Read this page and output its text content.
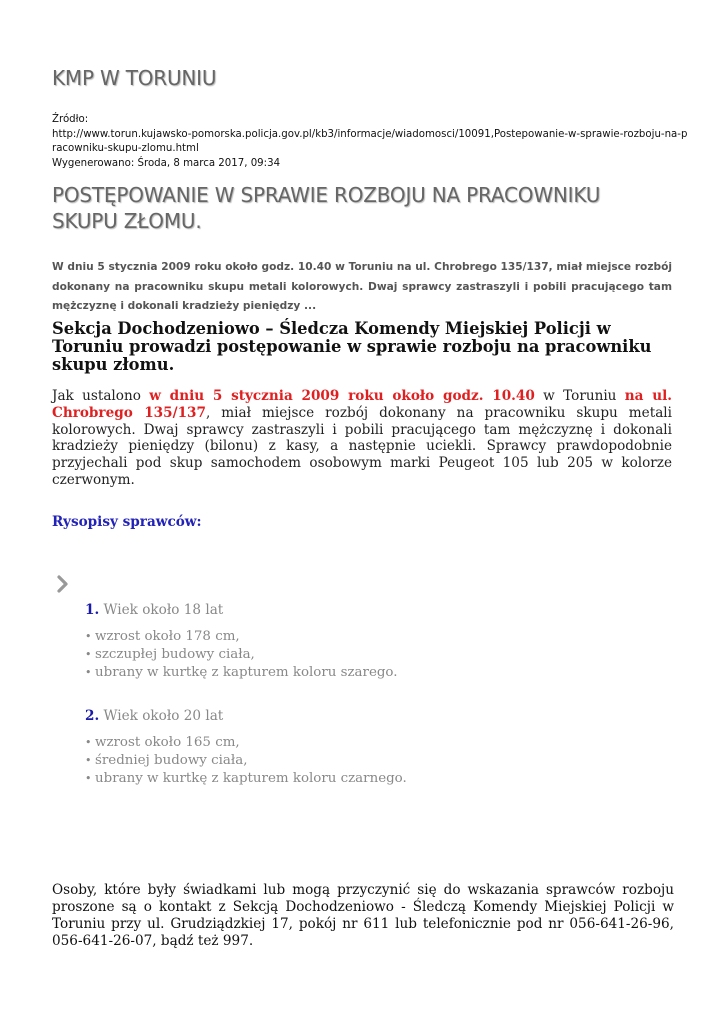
KMP W TORUNIU
Źródło:
http://www.torun.kujawsko-pomorska.policja.gov.pl/kb3/informacje/wiadomosci/10091,Postepowanie-w-sprawie-rozboju-na-p
racowniku-skupu-zlomu.html
Wygenerowano: Środa, 8 marca 2017, 09:34
POSTĘPOWANIE W SPRAWIE ROZBOJU NA PRACOWNIKU SKUPU ZŁOMU.
W dniu 5 stycznia 2009 roku około godz. 10.40 w Toruniu na ul. Chrobrego 135/137, miał miejsce rozbój dokonany na pracowniku skupu metali kolorowych. Dwaj sprawcy zastraszyli i pobili pracującego tam mężczyznę i dokonali kradzieży pieniędzy ...
Sekcja Dochodzeniowo – Śledcza Komendy Miejskiej Policji w Toruniu prowadzi postępowanie w sprawie rozboju na pracowniku skupu złomu.
Jak ustalono w dniu 5 stycznia 2009 roku około godz. 10.40 w Toruniu na ul. Chrobrego 135/137, miał miejsce rozbój dokonany na pracowniku skupu metali kolorowych. Dwaj sprawcy zastraszyli i pobili pracującego tam mężczyznę i dokonali kradzieży pieniędzy (bilonu) z kasy, a następnie uciekli. Sprawcy prawdopodobnie przyjechali pod skup samochodem osobowym marki Peugeot 105 lub 205 w kolorze czerwonym.
Rysopisy sprawców:
1. Wiek około 18 lat
• wzrost około 178 cm,
• szczupłej budowy ciała,
• ubrany w kurtkę z kapturem koloru szarego.
2. Wiek około 20 lat
• wzrost około 165 cm,
• średniej budowy ciała,
• ubrany w kurtkę z kapturem koloru czarnego.
Osoby, które były świadkami lub mogą przyczynić się do wskazania sprawców rozboju proszone są o kontakt z Sekcją Dochodzeniowo - Śledczą Komendy Miejskiej Policji w Toruniu przy ul. Grudziądzkiej 17, pokój nr 611 lub telefonicznie pod nr 056-641-26-96, 056-641-26-07, bądź też 997.
